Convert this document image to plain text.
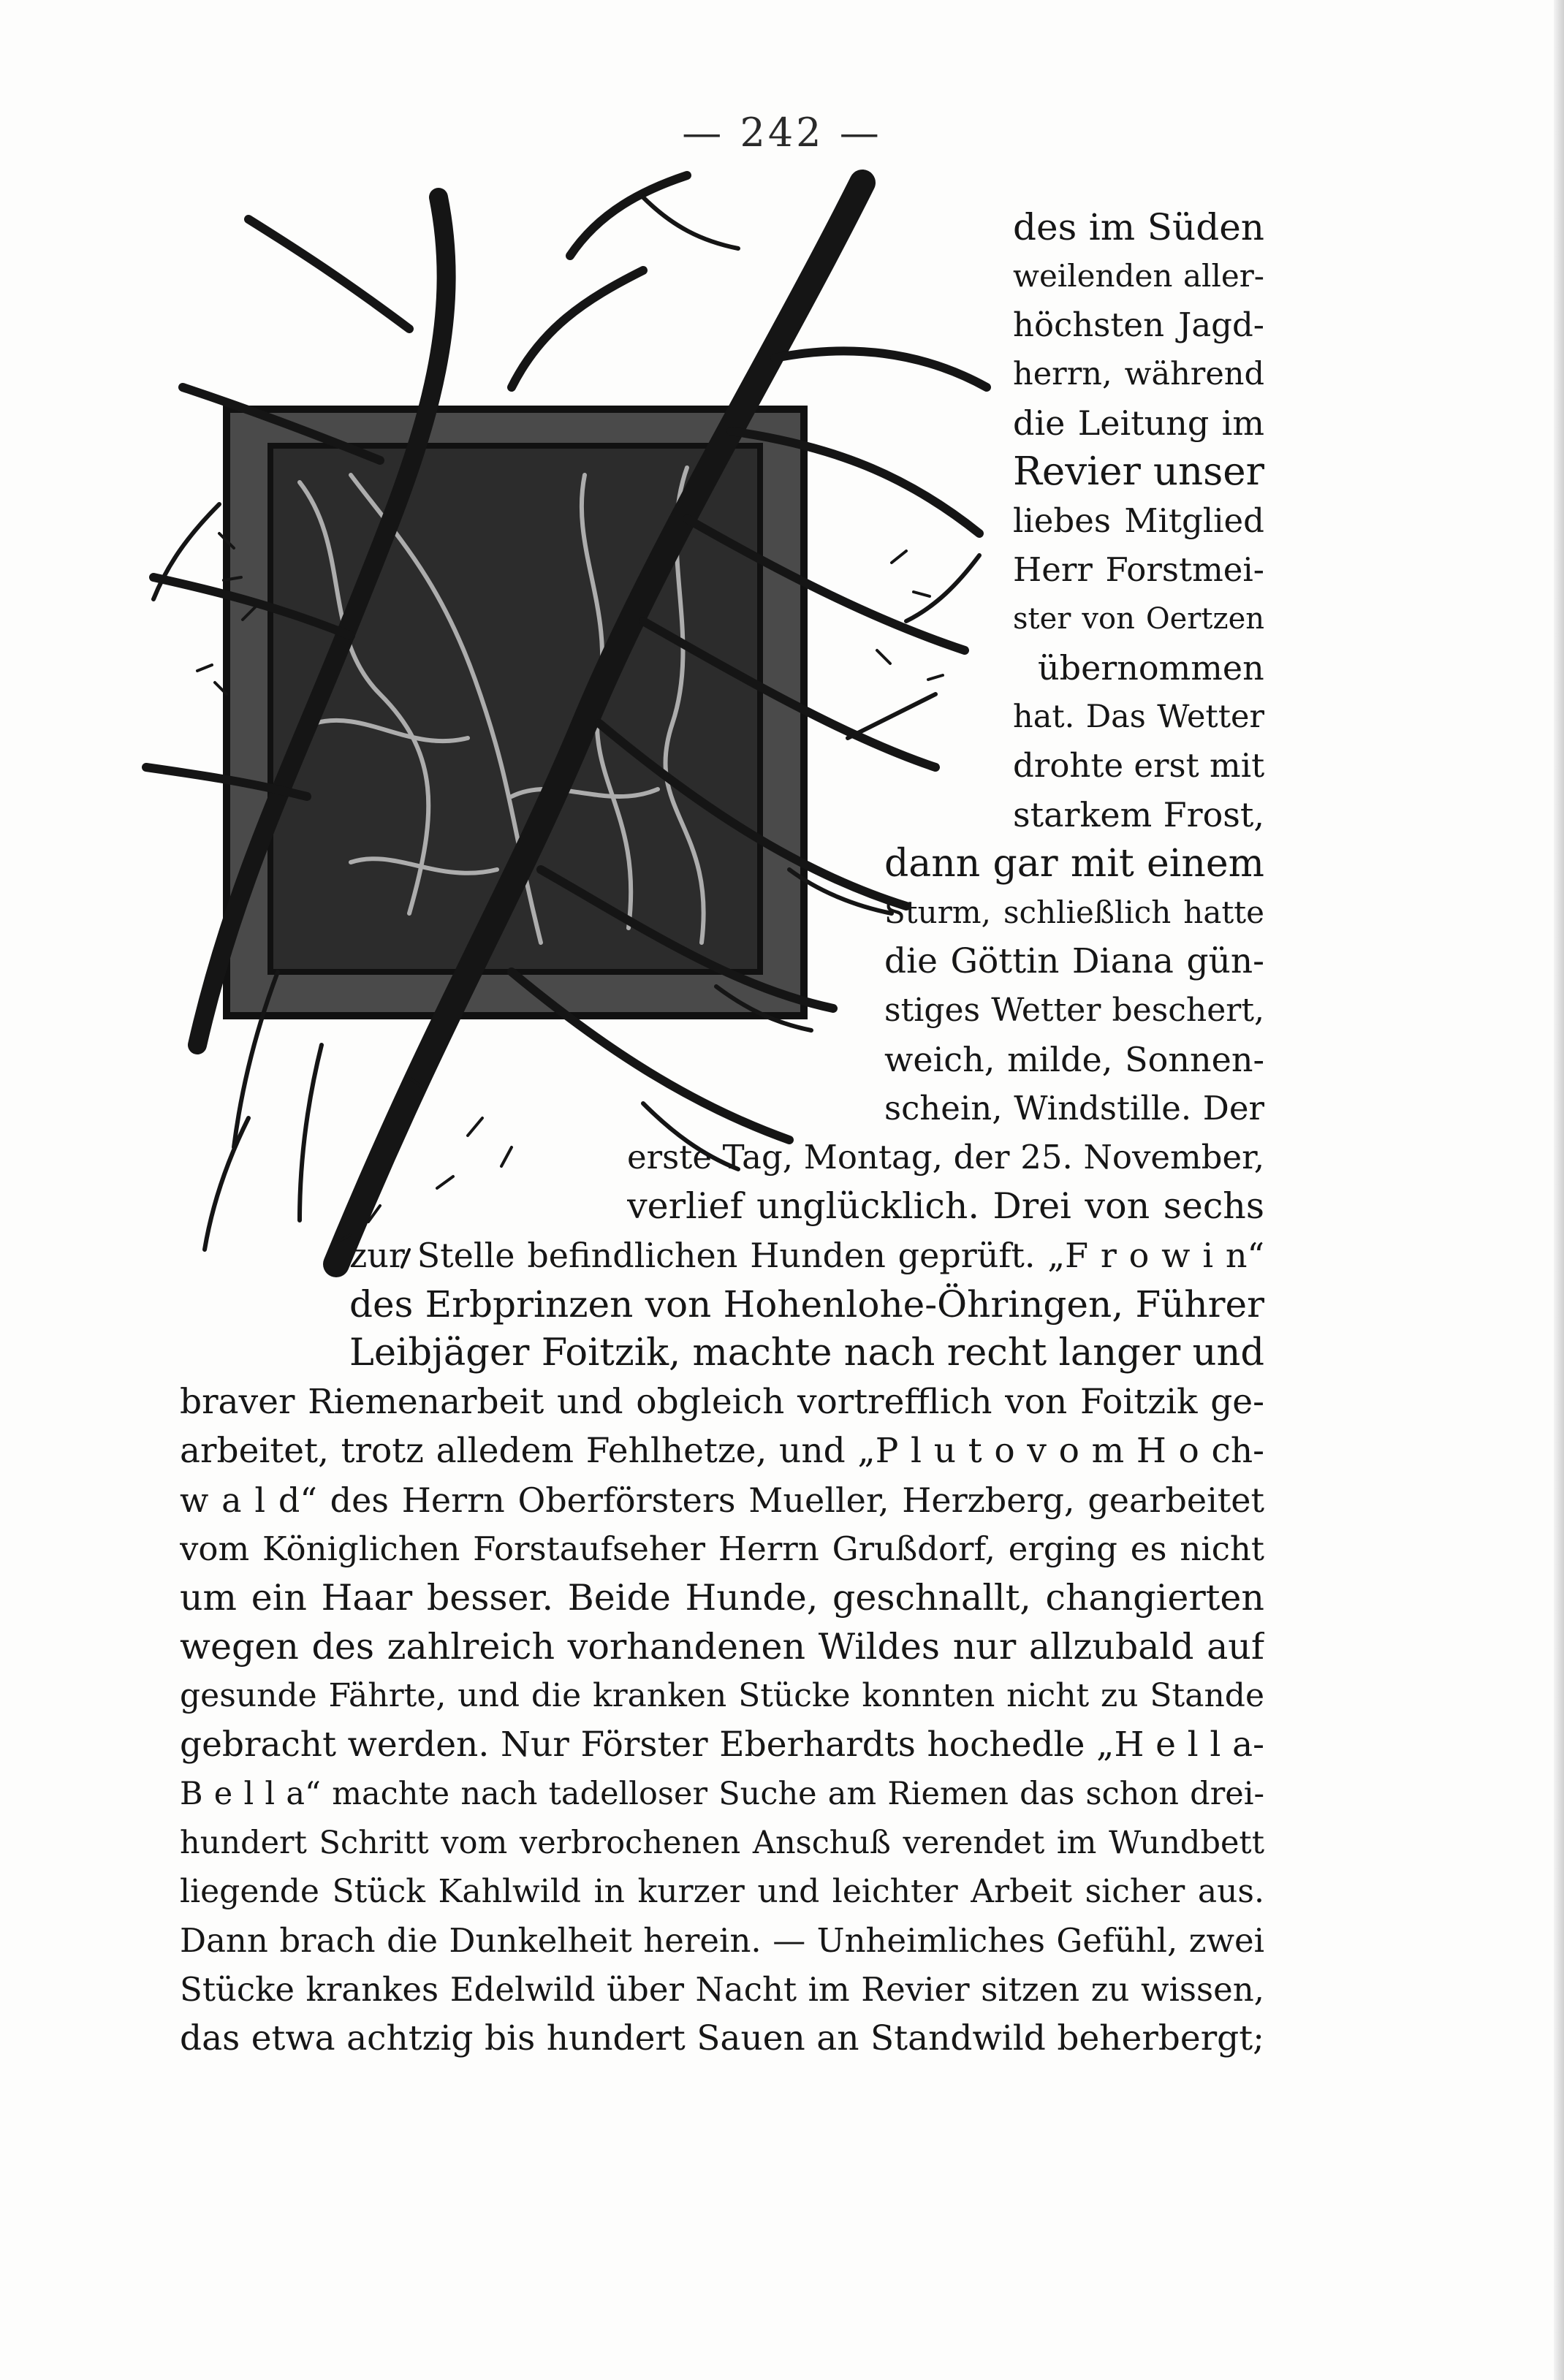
— 242 —
des im Süden
weilenden aller-
höchsten Jagd-
herrn, während
die Leitung im
Revier unser
liebes Mitglied
Herr Forstmei-
ster von Oertzen
übernommen
hat. Das Wetter
drohte erst mit
starkem Frost,
dann gar mit einem
Sturm, schließlich hatte
die Göttin Diana gün-
stiges Wetter beschert,
weich, milde, Sonnen-
schein, Windstille. Der
erste Tag, Montag, der 25. November,
verlief unglücklich. Drei von sechs
zur Stelle befindlichen Hunden geprüft. „F r o w i n“
des Erbprinzen von Hohenlohe-Öhringen, Führer
Leibjäger Foitzik, machte nach recht langer und
braver Riemenarbeit und obgleich vortrefflich von Foitzik ge-
arbeitet, trotz alledem Fehlhetze, und „P l u t o v o m H o ch-
w a l d“ des Herrn Oberförsters Mueller, Herzberg, gearbeitet
vom Königlichen Forstaufseher Herrn Grußdorf, erging es nicht
um ein Haar besser. Beide Hunde, geschnallt, changierten
wegen des zahlreich vorhandenen Wildes nur allzubald auf
gesunde Fährte, und die kranken Stücke konnten nicht zu Stande
gebracht werden. Nur Förster Eberhardts hochedle „H e l l a-
B e l l a“ machte nach tadelloser Suche am Riemen das schon drei-
hundert Schritt vom verbrochenen Anschuß verendet im Wundbett
liegende Stück Kahlwild in kurzer und leichter Arbeit sicher aus.
Dann brach die Dunkelheit herein. — Unheimliches Gefühl, zwei
Stücke krankes Edelwild über Nacht im Revier sitzen zu wissen,
das etwa achtzig bis hundert Sauen an Standwild beherbergt;
